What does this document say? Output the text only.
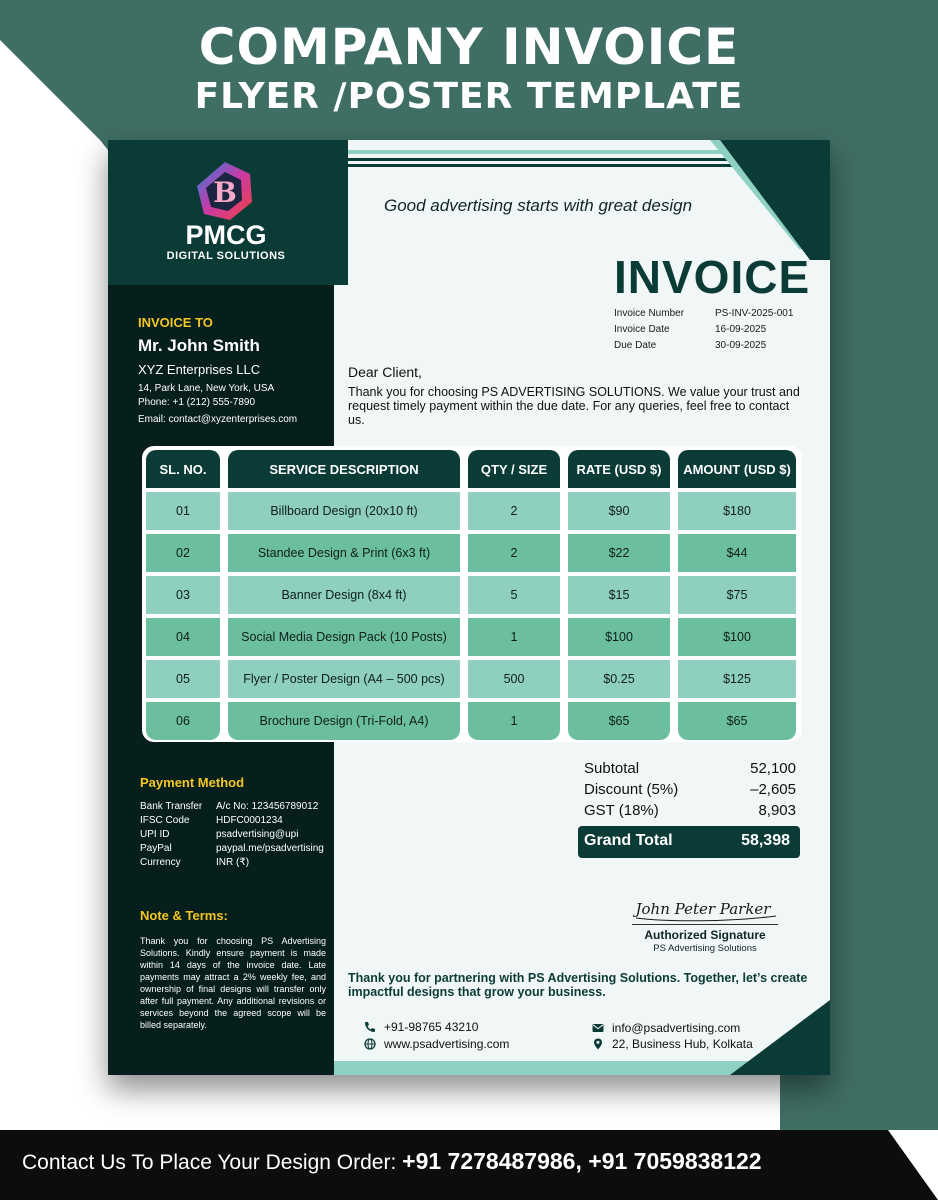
COMPANY INVOICE
FLYER /POSTER TEMPLATE
B
PMCG
DIGITAL SOLUTIONS
Good advertising starts with great design
INVOICE
Invoice Number	PS-INV-2025-001
Invoice Date	16-09-2025
Due Date	30-09-2025
INVOICE TO
Mr. John Smith
XYZ Enterprises LLC
14, Park Lane, New York, USA
Phone: +1 (212) 555-7890
Email: contact@xyzenterprises.com
Dear Client,
Thank you for choosing PS ADVERTISING SOLUTIONS. We value your trust and request timely payment within the due date. For any queries, feel free to contact us.
SL. NO.	SERVICE DESCRIPTION	QTY / SIZE	RATE (USD $)	AMOUNT (USD $)
01	Billboard Design (20x10 ft)	2	$90	$180
02	Standee Design & Print (6x3 ft)	2	$22	$44
03	Banner Design (8x4 ft)	5	$15	$75
04	Social Media Design Pack (10 Posts)	1	$100	$100
05	Flyer / Poster Design (A4 – 500 pcs)	500	$0.25	$125
06	Brochure Design (Tri-Fold, A4)	1	$65	$65
Subtotal	52,100
Discount (5%)	–2,605
GST (18%)	8,903
Grand Total	58,398
Payment Method
Bank Transfer A/c No: 123456789012
IFSC Code	HDFC0001234
UPI ID	psadvertising@upi
PayPal	paypal.me/psadvertising
Currency	INR (₹)
Note & Terms:
Thank you for choosing PS Advertising Solutions. Kindly ensure payment is made within 14 days of the invoice date. Late payments may attract a 2% weekly fee, and ownership of final designs will transfer only after full payment. Any additional revisions or services beyond the agreed scope will be billed separately.
John Peter Parker
Authorized Signature
PS Advertising Solutions
Thank you for partnering with PS Advertising Solutions. Together, let’s create impactful designs that grow your business.
+91-98765 43210
www.psadvertising.com
info@psadvertising.com
22, Business Hub, Kolkata
Contact Us To Place Your Design Order: +91 7278487986, +91 7059838122
